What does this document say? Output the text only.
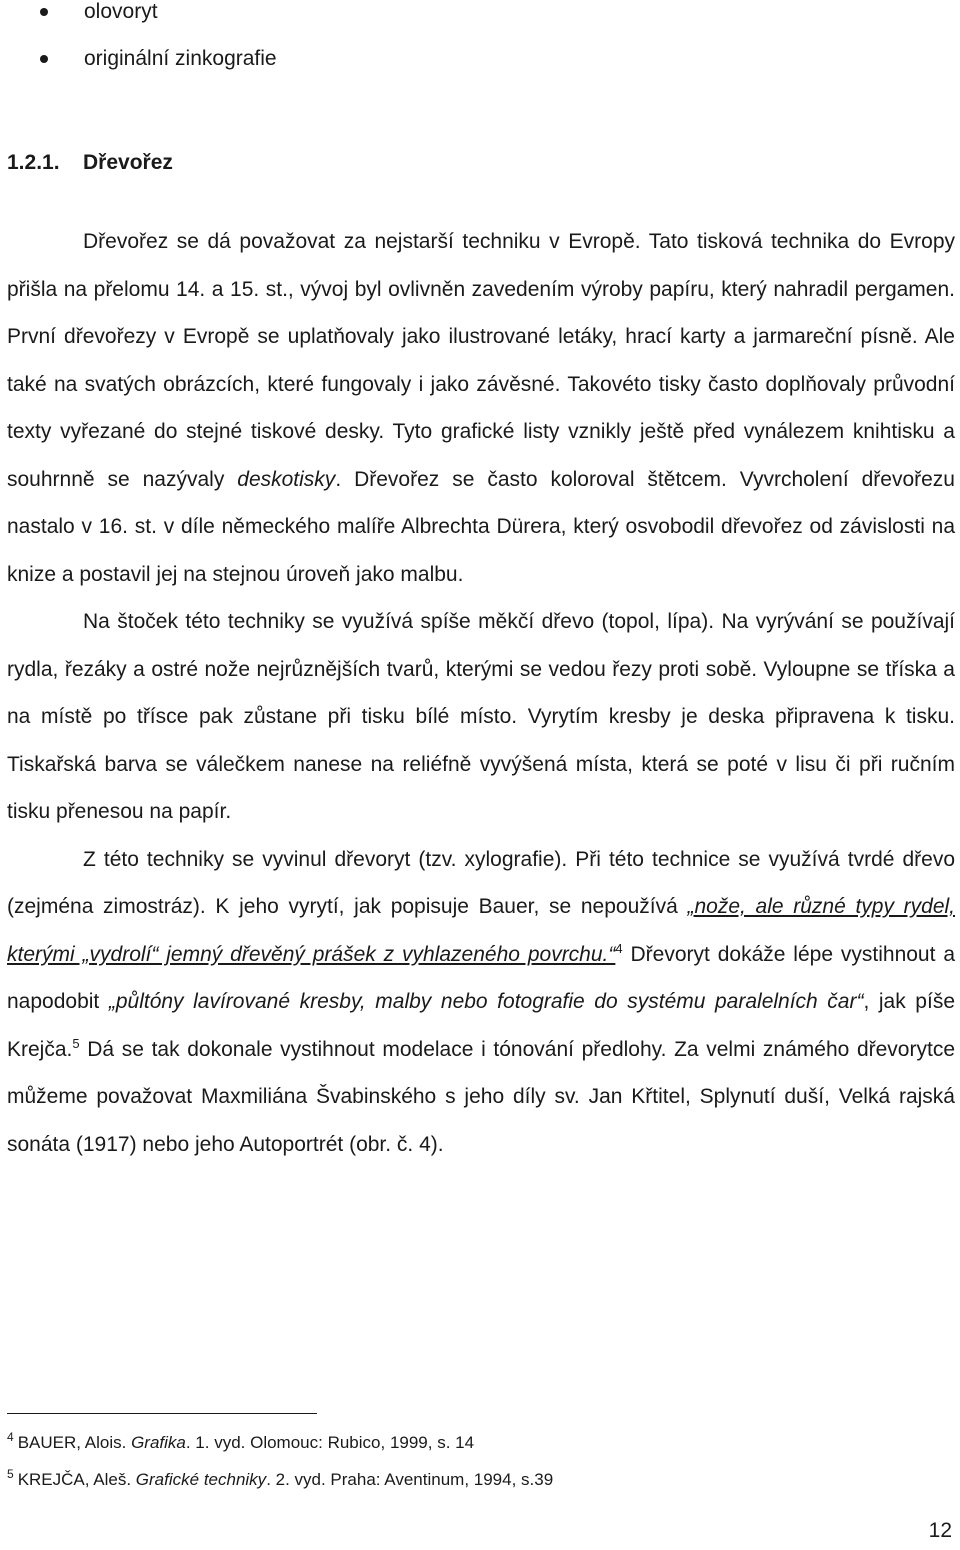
olovoryt
originální zinkografie
1.2.1. Dřevořez

Dřevořez se dá považovat za nejstarší techniku v Evropě. Tato tisková technika do Evropy přišla na přelomu 14. a 15. st., vývoj byl ovlivněn zavedením výroby papíru, který nahradil pergamen. První dřevořezy v Evropě se uplatňovaly jako ilustrované letáky, hrací karty a jarmareční písně. Ale také na svatých obrázcích, které fungovaly i jako závěsné. Takovéto tisky často doplňovaly průvodní texty vyřezané do stejné tiskové desky. Tyto grafické listy vznikly ještě před vynálezem knihtisku a souhrnně se nazývaly deskotisky. Dřevořez se často koloroval štětcem. Vyvrcholení dřevořezu nastalo v 16. st. v díle německého malíře Albrechta Dürera, který osvobodil dřevořez od závislosti na knize a postavil jej na stejnou úroveň jako malbu.

Na štoček této techniky se využívá spíše měkčí dřevo (topol, lípa). Na vyrývání se používají rydla, řezáky a ostré nože nejrůznějších tvarů, kterými se vedou řezy proti sobě. Vyloupne se tříska a na místě po třísce pak zůstane při tisku bílé místo. Vyrytím kresby je deska připravena k tisku. Tiskařská barva se válečkem nanese na reliéfně vyvýšená místa, která se poté v lisu či při ručním tisku přenesou na papír.

Z této techniky se vyvinul dřevoryt (tzv. xylografie). Při této technice se využívá tvrdé dřevo (zejména zimostráz). K jeho vyrytí, jak popisuje Bauer, se nepoužívá „nože, ale různé typy rydel, kterými „vydrolí“ jemný dřevěný prášek z vyhlazeného povrchu.“$^4$ Dřevoryt dokáže lépe vystihnout a napodobit „půltóny lavírované kresby, malby nebo fotografie do systému paralelních čar“, jak píše Krejča.$^5$ Dá se tak dokonale vystihnout modelace i tónování předlohy. Za velmi známého dřevorytce můžeme považovat Maxmiliána Švabinského s jeho díly sv. Jan Křtitel, Splynutí duší, Velká rajská sonáta (1917) nebo jeho Autoportrét (obr. č. 4).

$^4$ BAUER, Alois. Grafika. 1. vyd. Olomouc: Rubico, 1999, s. 14
$^5$ KREJČA, Aleš. Grafické techniky. 2. vyd. Praha: Aventinum, 1994, s.39
12
